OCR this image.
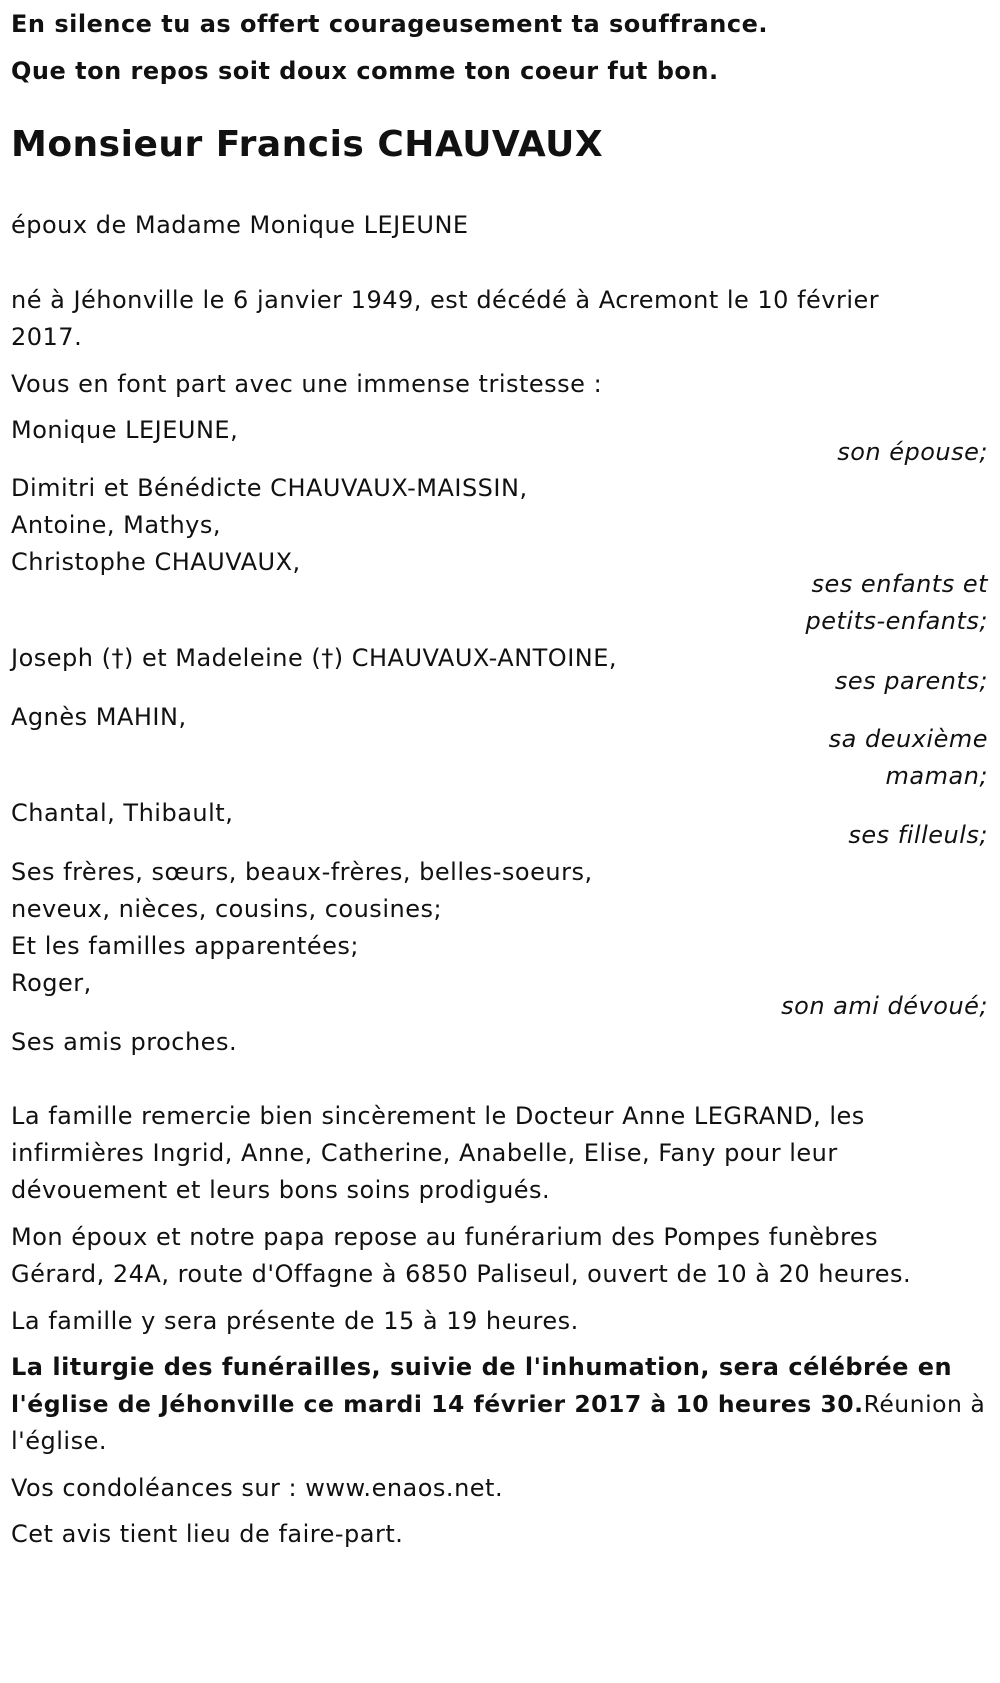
En silence tu as offert courageusement ta souffrance.
Que ton repos soit doux comme ton coeur fut bon.
Monsieur Francis CHAUVAUX
époux de Madame Monique LEJEUNE
né à Jéhonville le 6 janvier 1949, est décédé à Acremont le 10 février
2017.
Vous en font part avec une immense tristesse :
Monique LEJEUNE,
son épouse;
Dimitri et Bénédicte CHAUVAUX-MAISSIN,
Antoine, Mathys,
Christophe CHAUVAUX,
ses enfants et
petits-enfants;
Joseph (†) et Madeleine (†) CHAUVAUX-ANTOINE,
ses parents;
Agnès MAHIN,
sa deuxième
maman;
Chantal, Thibault,
ses filleuls;
Ses frères, sœurs, beaux-frères, belles-soeurs,
neveux, nièces, cousins, cousines;
Et les familles apparentées;
Roger,
son ami dévoué;
Ses amis proches.
La famille remercie bien sincèrement le Docteur Anne LEGRAND, les
infirmières Ingrid, Anne, Catherine, Anabelle, Elise, Fany pour leur
dévouement et leurs bons soins prodigués.
Mon époux et notre papa repose au funérarium des Pompes funèbres
Gérard, 24A, route d'Offagne à 6850 Paliseul, ouvert de 10 à 20 heures.
La famille y sera présente de 15 à 19 heures.
La liturgie des funérailles, suivie de l'inhumation, sera célébrée en
l'église de Jéhonville ce mardi 14 février 2017 à 10 heures 30.Réunion à
l'église.
Vos condoléances sur : www.enaos.net.
Cet avis tient lieu de faire-part.
